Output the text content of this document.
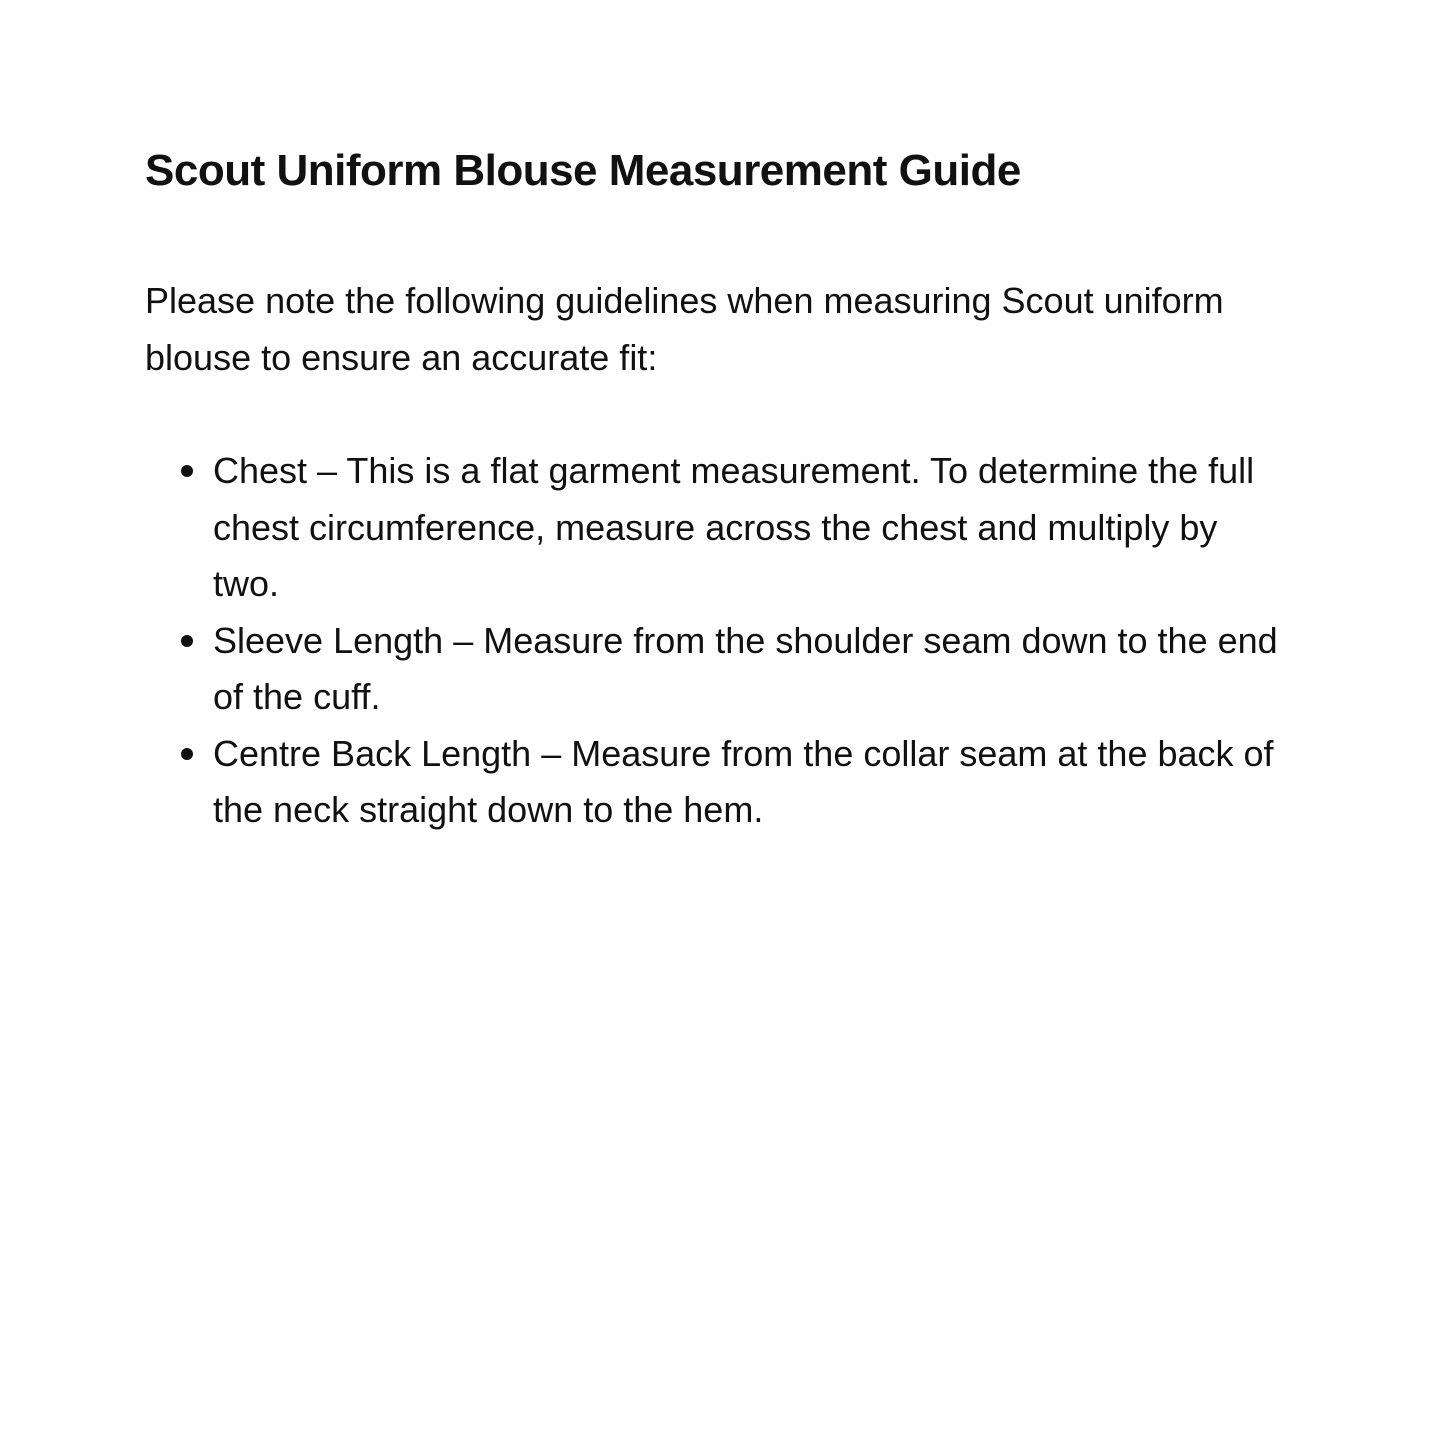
Scout Uniform Blouse Measurement Guide

Please note the following guidelines when measuring Scout uniform blouse to ensure an accurate fit:

Chest – This is a flat garment measurement. To determine the full chest circumference, measure across the chest and multiply by two.
Sleeve Length – Measure from the shoulder seam down to the end of the cuff.
Centre Back Length – Measure from the collar seam at the back of the neck straight down to the hem.
